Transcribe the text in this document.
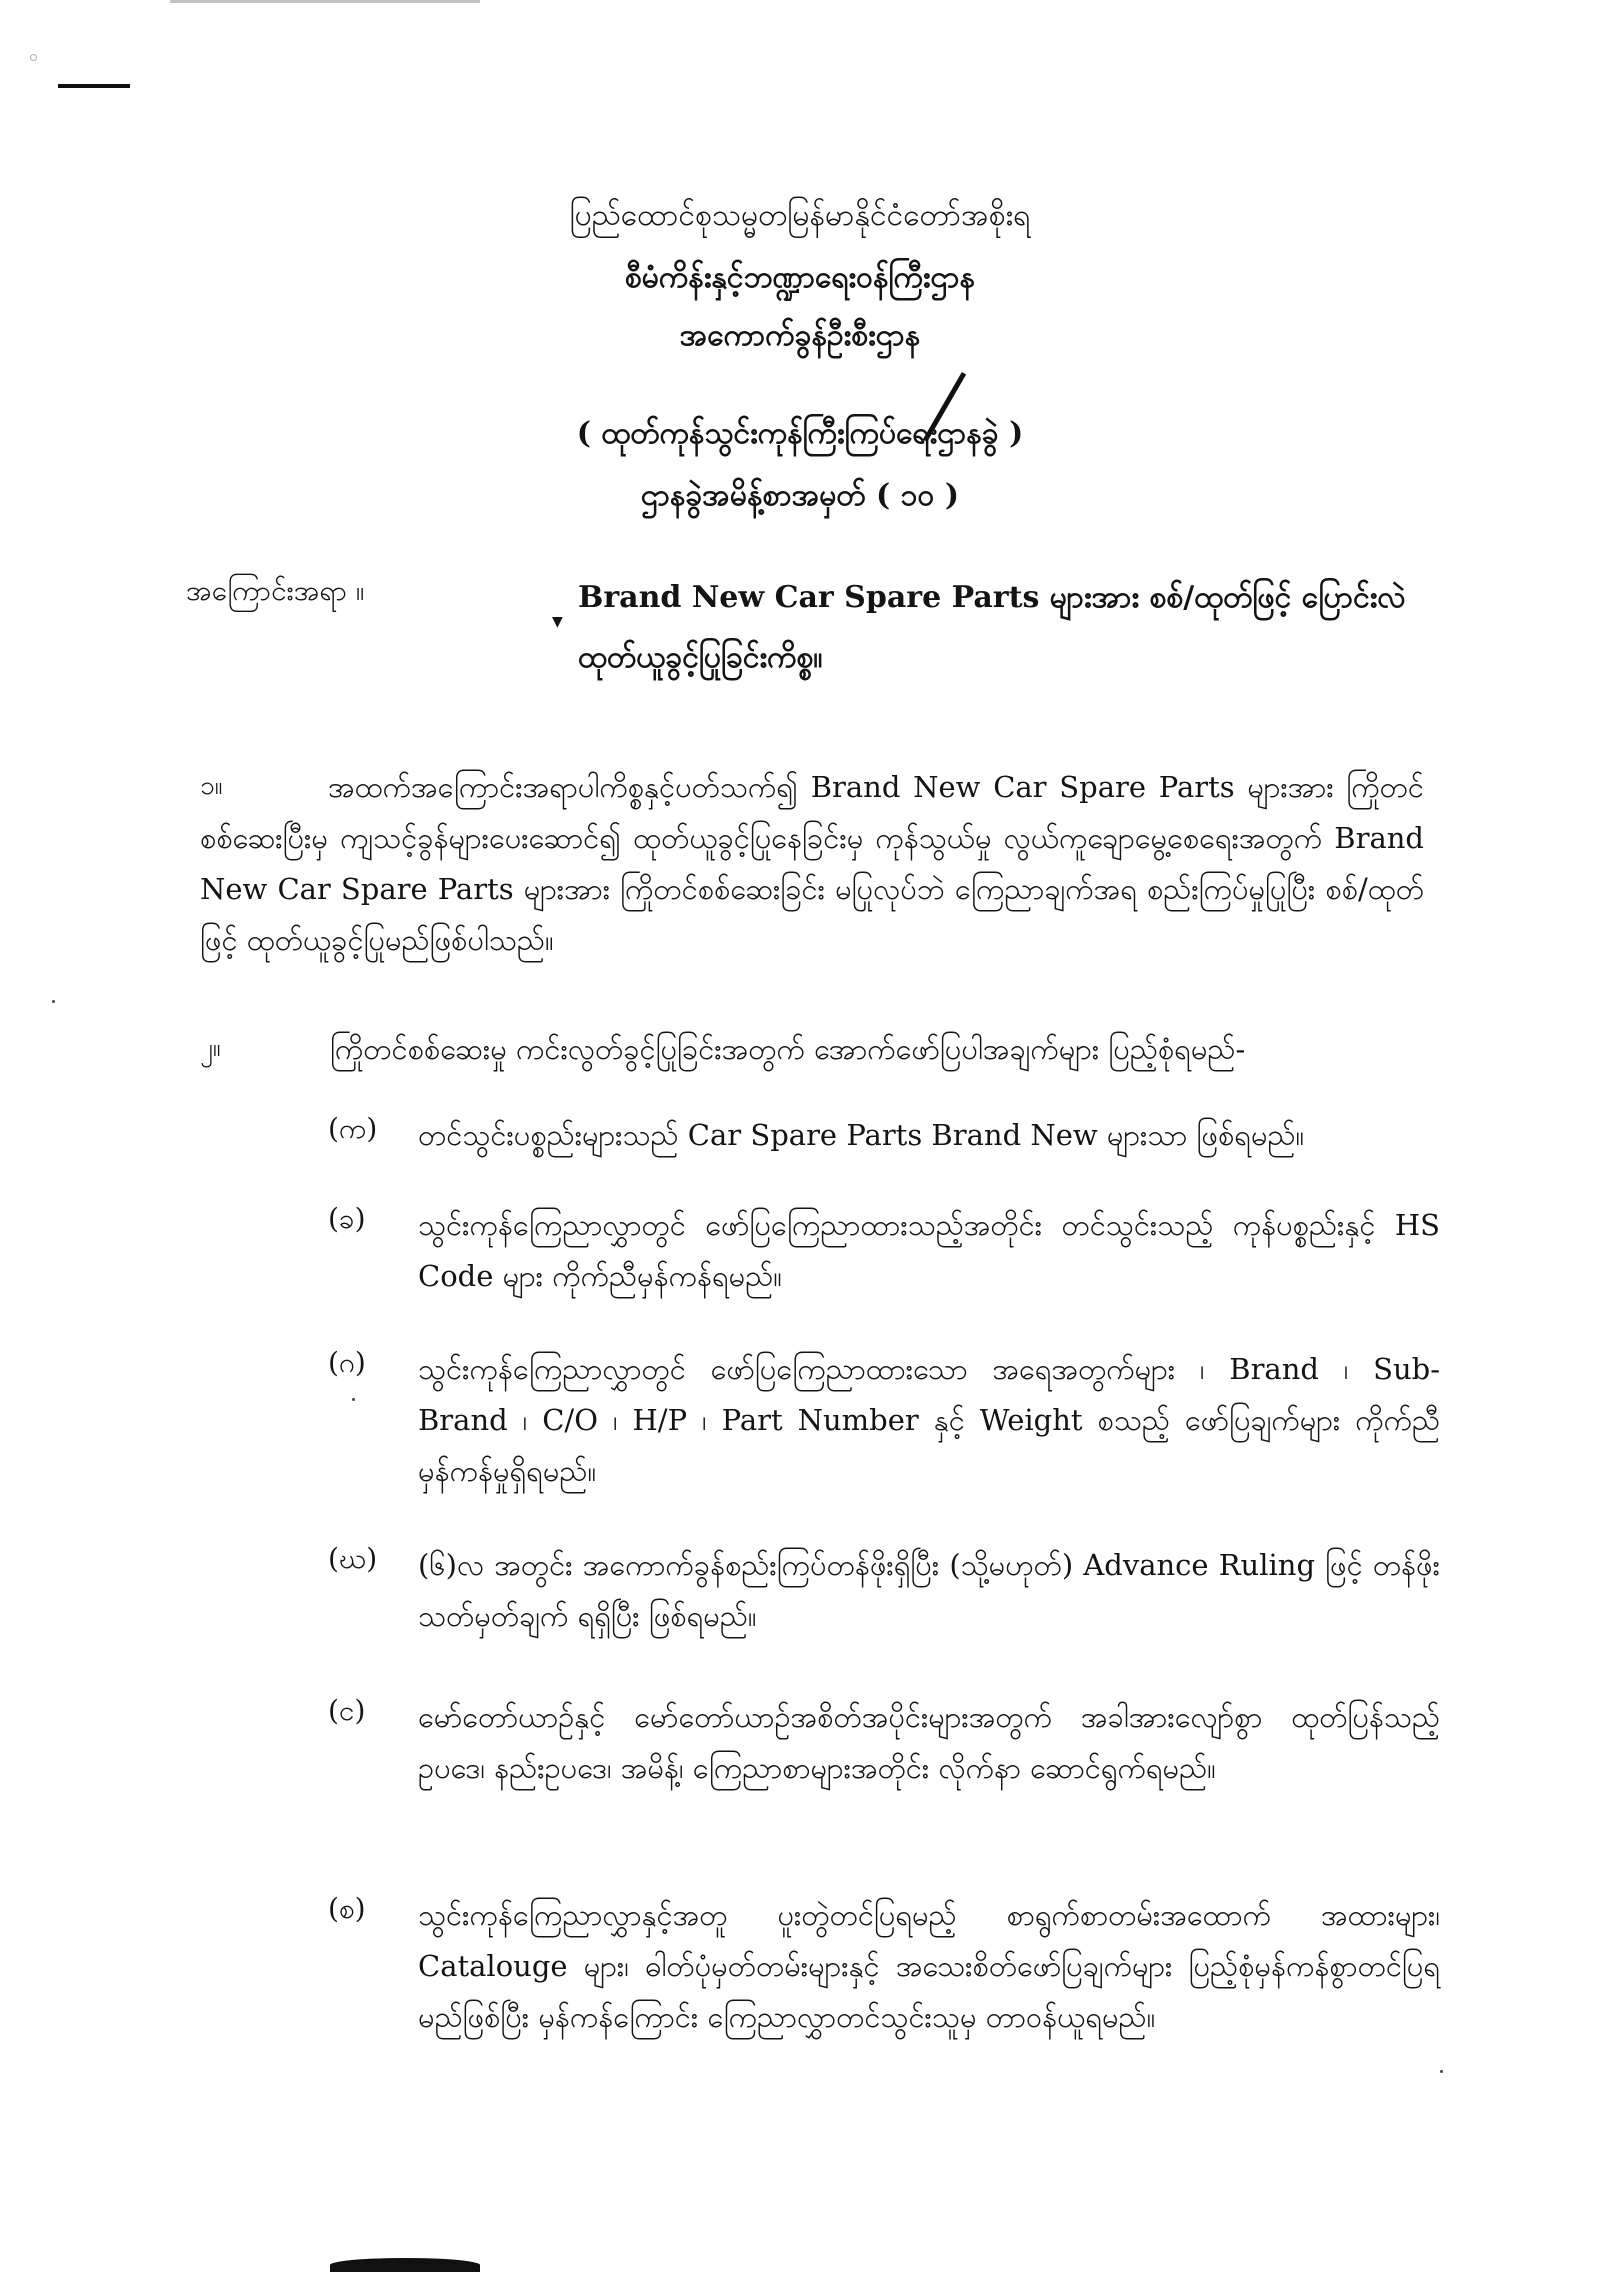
ပြည်ထောင်စုသမ္မတမြန်မာနိုင်ငံတော်အစိုးရ
စီမံကိန်းနှင့်ဘဏ္ဍာရေးဝန်ကြီးဌာန
အကောက်ခွန်ဦးစီးဌာန
( ထုတ်ကုန်သွင်းကုန်ကြီးကြပ်ရေးဌာနခွဲ )
ဌာနခွဲအမိန့်စာအမှတ် ( ၁၀ )
အကြောင်းအရာ ။
▼
Brand New Car Spare Parts များအား စစ်/ထုတ်ဖြင့် ပြောင်းလဲ ထုတ်ယူခွင့်ပြုခြင်းကိစ္စ။
၁။	အထက်အကြောင်းအရာပါကိစ္စနှင့်ပတ်သက်၍ Brand New Car Spare Parts များအား ကြိုတင်စစ်ဆေးပြီးမှ ကျသင့်ခွန်များပေးဆောင်၍ ထုတ်ယူခွင့်ပြုနေခြင်းမှ ကုန်သွယ်မှု လွယ်ကူချောမွေ့စေရေးအတွက် Brand New Car Spare Parts များအား ကြိုတင်စစ်ဆေးခြင်း မပြုလုပ်ဘဲ ကြေညာချက်အရ စည်းကြပ်မှုပြုပြီး စစ်/ထုတ်ဖြင့် ထုတ်ယူခွင့်ပြုမည်ဖြစ်ပါသည်။
၂။	ကြိုတင်စစ်ဆေးမှု ကင်းလွတ်ခွင့်ပြုခြင်းအတွက် အောက်ဖော်ပြပါအချက်များ ပြည့်စုံရမည်-
(က)	တင်သွင်းပစ္စည်းများသည် Car Spare Parts Brand New များသာ ဖြစ်ရမည်။
(ခ)	သွင်းကုန်ကြေညာလွှာတွင် ဖော်ပြကြေညာထားသည့်အတိုင်း တင်သွင်းသည့် ကုန်ပစ္စည်းနှင့် HS Code များ ကိုက်ညီမှန်ကန်ရမည်။
(ဂ)	သွင်းကုန်ကြေညာလွှာတွင် ဖော်ပြကြေညာထားသော အရေအတွက်များ ၊ Brand ၊ Sub- Brand ၊ C/O ၊ H/P ၊ Part Number နှင့် Weight စသည့် ဖော်ပြချက်များ ကိုက်ညီမှန်ကန်မှုရှိရမည်။
(ဃ)	(၆)လ အတွင်း အကောက်ခွန်စည်းကြပ်တန်ဖိုးရှိပြီး (သို့မဟုတ်) Advance Ruling ဖြင့် တန်ဖိုးသတ်မှတ်ချက် ရရှိပြီး ဖြစ်ရမည်။
(င)	မော်တော်ယာဉ်နှင့် မော်တော်ယာဉ်အစိတ်အပိုင်းများအတွက် အခါအားလျော်စွာ ထုတ်ပြန်သည့် ဥပဒေ၊ နည်းဥပဒေ၊ အမိန့်၊ ကြေညာစာများအတိုင်း လိုက်နာ ဆောင်ရွက်ရမည်။
(စ)	သွင်းကုန်ကြေညာလွှာနှင့်အတူ ပူးတွဲတင်ပြရမည့် စာရွက်စာတမ်းအထောက် အထားများ၊ Catalouge များ၊ ဓါတ်ပုံမှတ်တမ်းများနှင့် အသေးစိတ်ဖော်ပြချက်များ ပြည့်စုံမှန်ကန်စွာတင်ပြရမည်ဖြစ်ပြီး မှန်ကန်ကြောင်း ကြေညာလွှာတင်သွင်းသူမှ တာဝန်ယူရမည်။
